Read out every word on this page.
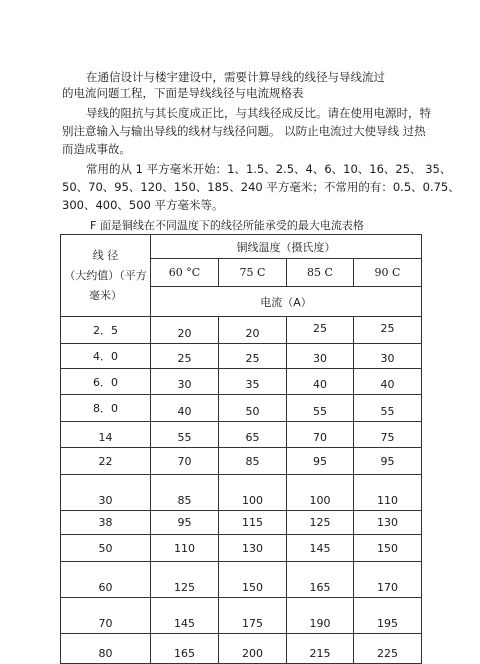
在通信设计与楼宇建设中，需要计算导线的线径与导线流过
的电流问题工程，下面是导线线径与电流规格表
导线的阻抗与其长度成正比，与其线径成反比。请在使用电源时，特
别注意输入与输出导线的线材与线径问题。 以防止电流过大使导线 过热
而造成事故。
常用的从 1 平方毫米开始：1、1.5、2.5、4、6、10、16、25、 35、
50、70、95、120、150、185、240 平方毫米；不常用的有：0.5、0.75、
300、400、500 平方毫米等。
F 面是铜线在不同温度下的线径所能承受的最大电流表格
线 径
（大约值）（平方
毫米）	铜线温度（摄氏度）			
	60 °C	75 C	85 C	90 C
	电流（A）			
2．5	20	20	25	25
4．0	25	25	30	30
6．0	30	35	40	40
8．0	40	50	55	55
14	55	65	70	75
22	70	85	95	95
30	85	100	100	110
38	95	115	125	130
50	110	130	145	150
60	125	150	165	170
70	145	175	190	195
80	165	200	215	225
